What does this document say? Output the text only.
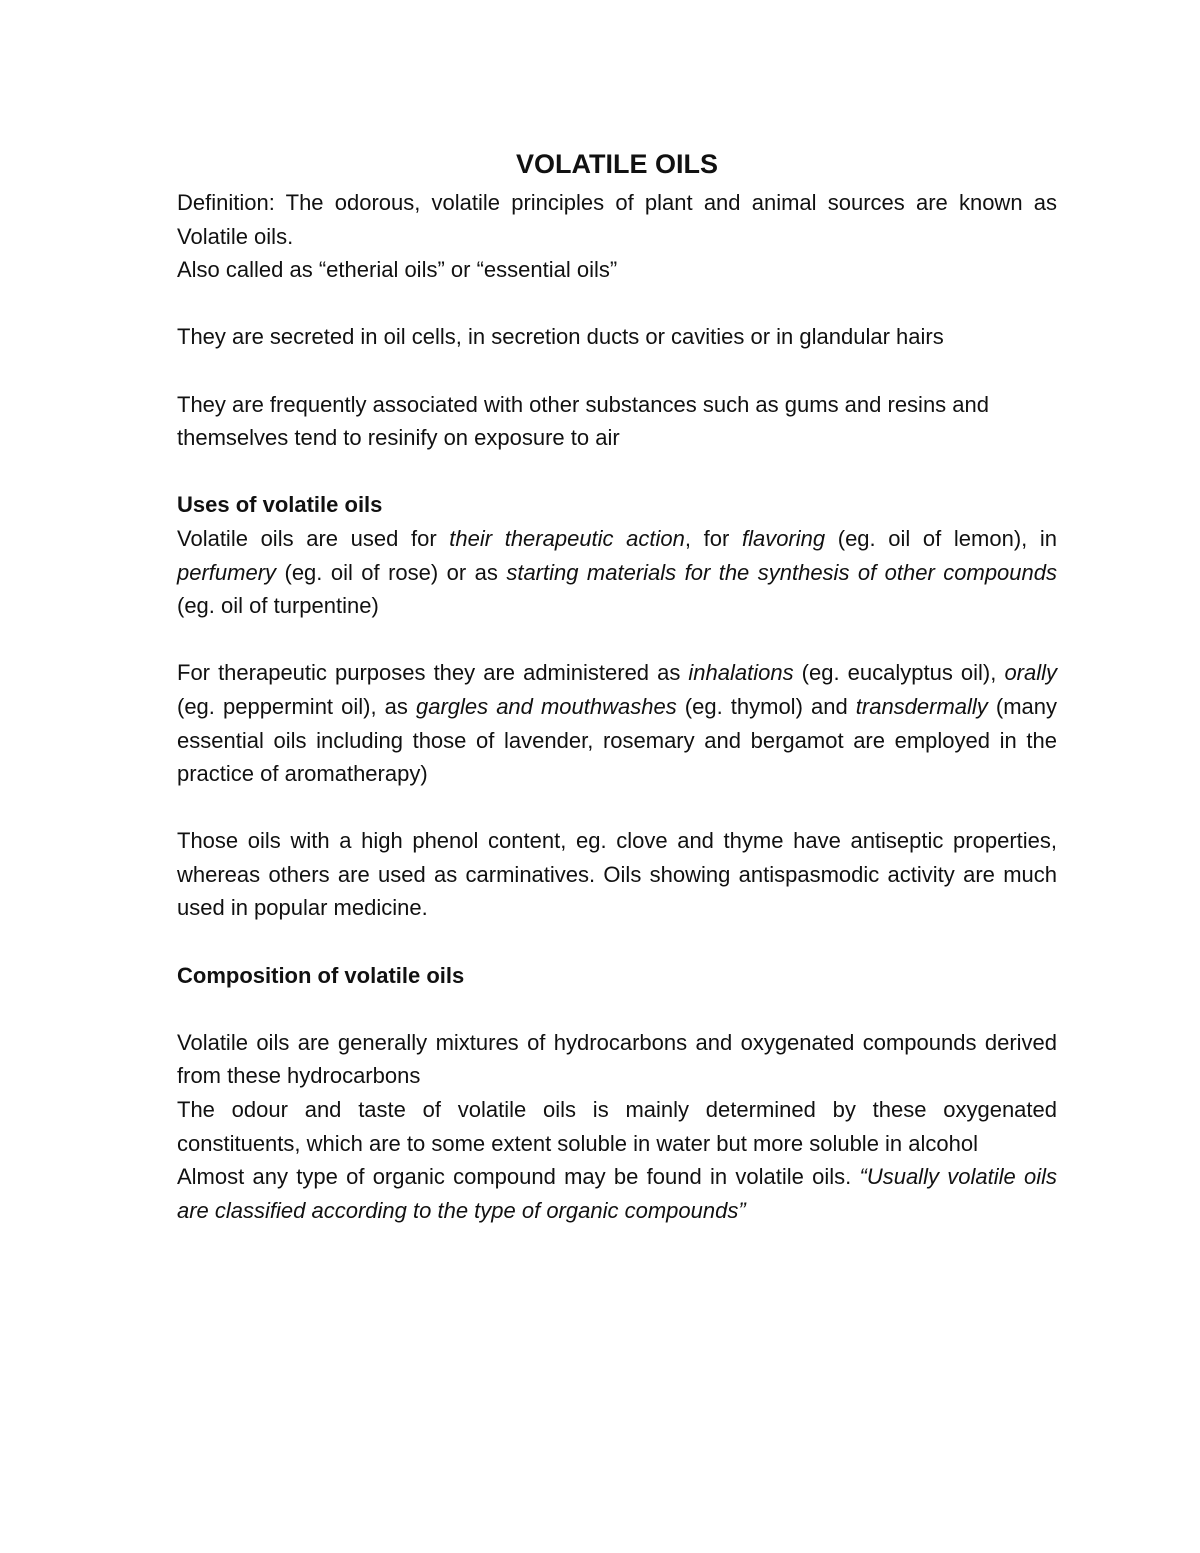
VOLATILE OILS

Definition: The odorous, volatile principles of plant and animal sources are known as Volatile oils.

Also called as “etherial oils” or “essential oils”

They are secreted in oil cells, in secretion ducts or cavities or in glandular hairs

They are frequently associated with other substances such as gums and resins and themselves tend to resinify on exposure to air

Uses of volatile oils

Volatile oils are used for their therapeutic action, for flavoring (eg. oil of lemon), in perfumery (eg. oil of rose) or as starting materials for the synthesis of other compounds (eg. oil of turpentine)

For therapeutic purposes they are administered as inhalations (eg. eucalyptus oil), orally (eg. peppermint oil), as gargles and mouthwashes (eg. thymol) and transdermally (many essential oils including those of lavender, rosemary and bergamot are employed in the practice of aromatherapy)

Those oils with a high phenol content, eg. clove and thyme have antiseptic properties, whereas others are used as carminatives. Oils showing antispasmodic activity are much used in popular medicine.

Composition of volatile oils

Volatile oils are generally mixtures of hydrocarbons and oxygenated compounds derived from these hydrocarbons

The odour and taste of volatile oils is mainly determined by these oxygenated constituents, which are to some extent soluble in water but more soluble in alcohol

Almost any type of organic compound may be found in volatile oils. “Usually volatile oils are classified according to the type of organic compounds”
